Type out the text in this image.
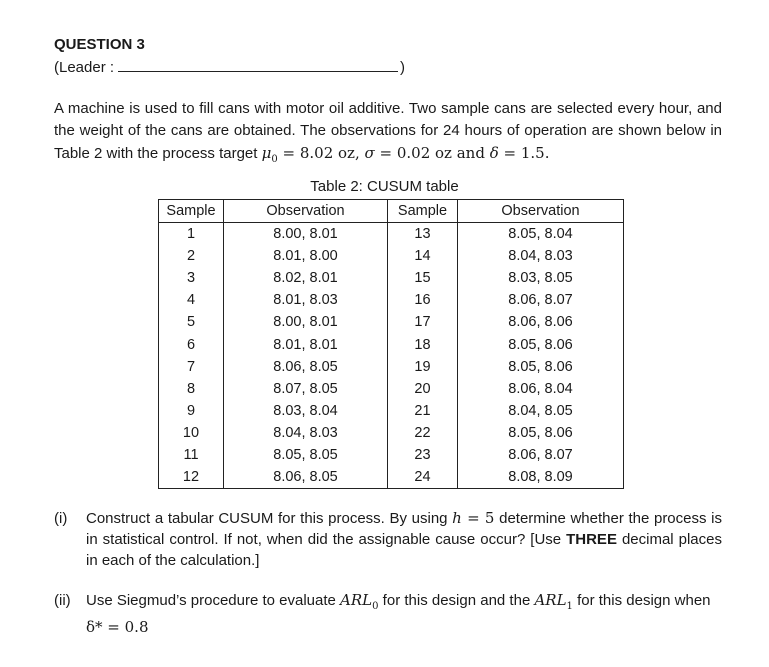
QUESTION 3
(Leader :	)
A machine is used to fill cans with motor oil additive. Two sample cans are selected every hour, and the weight of the cans are obtained. The observations for 24 hours of operation are shown below in Table 2 with the process target $\mu_0 = 8.02$ oz, σ = 0.02 oz and δ = 1.5.
Table 2: CUSUM table
Sample	Observation	Sample	Observation
1	8.00, 8.01	13	8.05, 8.04
2	8.01, 8.00	14	8.04, 8.03
3	8.02, 8.01	15	8.03, 8.05
4	8.01, 8.03	16	8.06, 8.07
5	8.00, 8.01	17	8.06, 8.06
6	8.01, 8.01	18	8.05, 8.06
7	8.06, 8.05	19	8.05, 8.06
8	8.07, 8.05	20	8.06, 8.04
9	8.03, 8.04	21	8.04, 8.05
10	8.04, 8.03	22	8.05, 8.06
11	8.05, 8.05	23	8.06, 8.07
12	8.06, 8.05	24	8.08, 8.09
(i) Construct a tabular CUSUM for this process. By using h = 5 determine whether the process is in statistical control. If not, when did the assignable cause occur? [Use THREE decimal places in each of the calculation.]
(ii) Use Siegmud’s procedure to evaluate $ARL_0$ for this design and the $ARL_1$ for this design when
δ* = 0.8
